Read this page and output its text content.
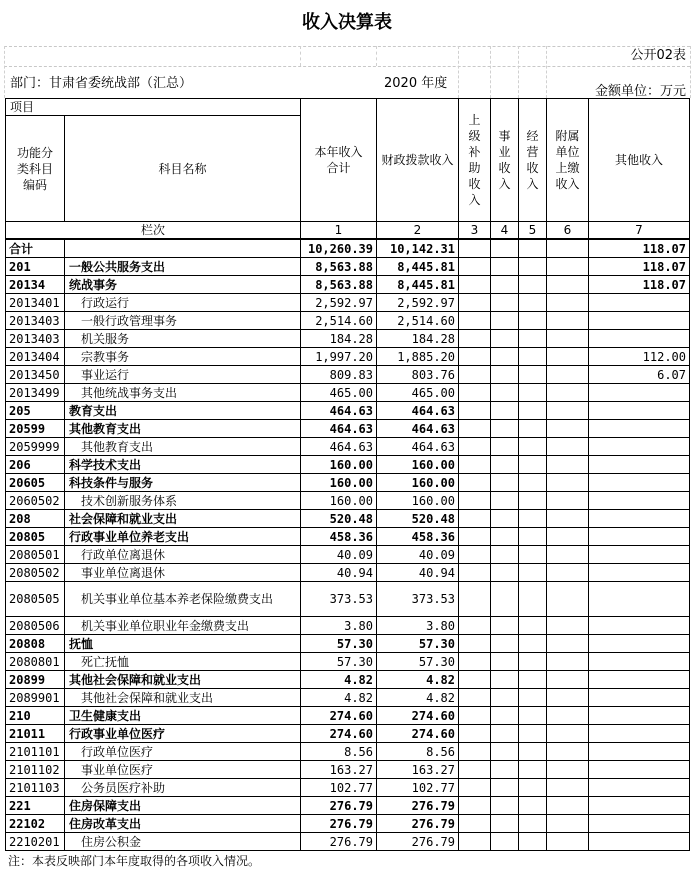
收入决算表
公开02表
部门：甘肃省委统战部（汇总）	2020 年度
金额单位：万元
项目		本年收入合计	财政拨款收入	上级补助收入	事业收入	经营收入	附属单位上缴收入	其他收入

功能分类科目编码	科目名称							
栏次		1	2	3	4	5	6	7
合计		10,260.39	10,142.31					118.07
201	一般公共服务支出	8,563.88	8,445.81					118.07
20134	统战事务	8,563.88	8,445.81					118.07
2013401	行政运行	2,592.97	2,592.97					
2013403	一般行政管理事务	2,514.60	2,514.60					
2013403	机关服务	184.28	184.28					
2013404	宗教事务	1,997.20	1,885.20					112.00
2013450	事业运行	809.83	803.76					6.07
2013499	其他统战事务支出	465.00	465.00					
205	教育支出	464.63	464.63					
20599	其他教育支出	464.63	464.63					
2059999	其他教育支出	464.63	464.63					
206	科学技术支出	160.00	160.00					
20605	科技条件与服务	160.00	160.00					
2060502	技术创新服务体系	160.00	160.00					
208	社会保障和就业支出	520.48	520.48					
20805	行政事业单位养老支出	458.36	458.36					
2080501	行政单位离退休	40.09	40.09					
2080502	事业单位离退休	40.94	40.94					
2080505	机关事业单位基本养老保险缴费支出	373.53	373.53					
2080506	机关事业单位职业年金缴费支出	3.80	3.80					
20808	抚恤	57.30	57.30					
2080801	死亡抚恤	57.30	57.30					
20899	其他社会保障和就业支出	4.82	4.82					
2089901	其他社会保障和就业支出	4.82	4.82					
210	卫生健康支出	274.60	274.60					
21011	行政事业单位医疗	274.60	274.60					
2101101	行政单位医疗	8.56	8.56					
2101102	事业单位医疗	163.27	163.27					
2101103	公务员医疗补助	102.77	102.77					
221	住房保障支出	276.79	276.79					
22102	住房改革支出	276.79	276.79					
2210201	住房公积金	276.79	276.79					
注：本表反映部门本年度取得的各项收入情况。
